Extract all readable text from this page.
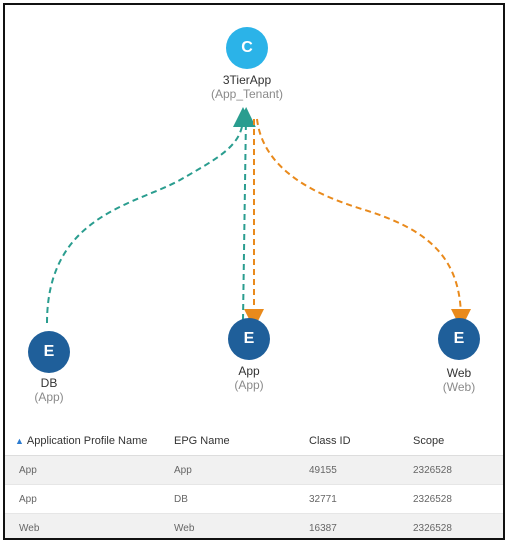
C
3TierApp
(App_Tenant)
E
DB
(App)
E
App
(App)
E
Web
(Web)
▲ Application Profile Name	EPG Name	Class ID	Scope
App	App	49155	2326528
App	DB	32771	2326528
Web	Web	16387	2326528
